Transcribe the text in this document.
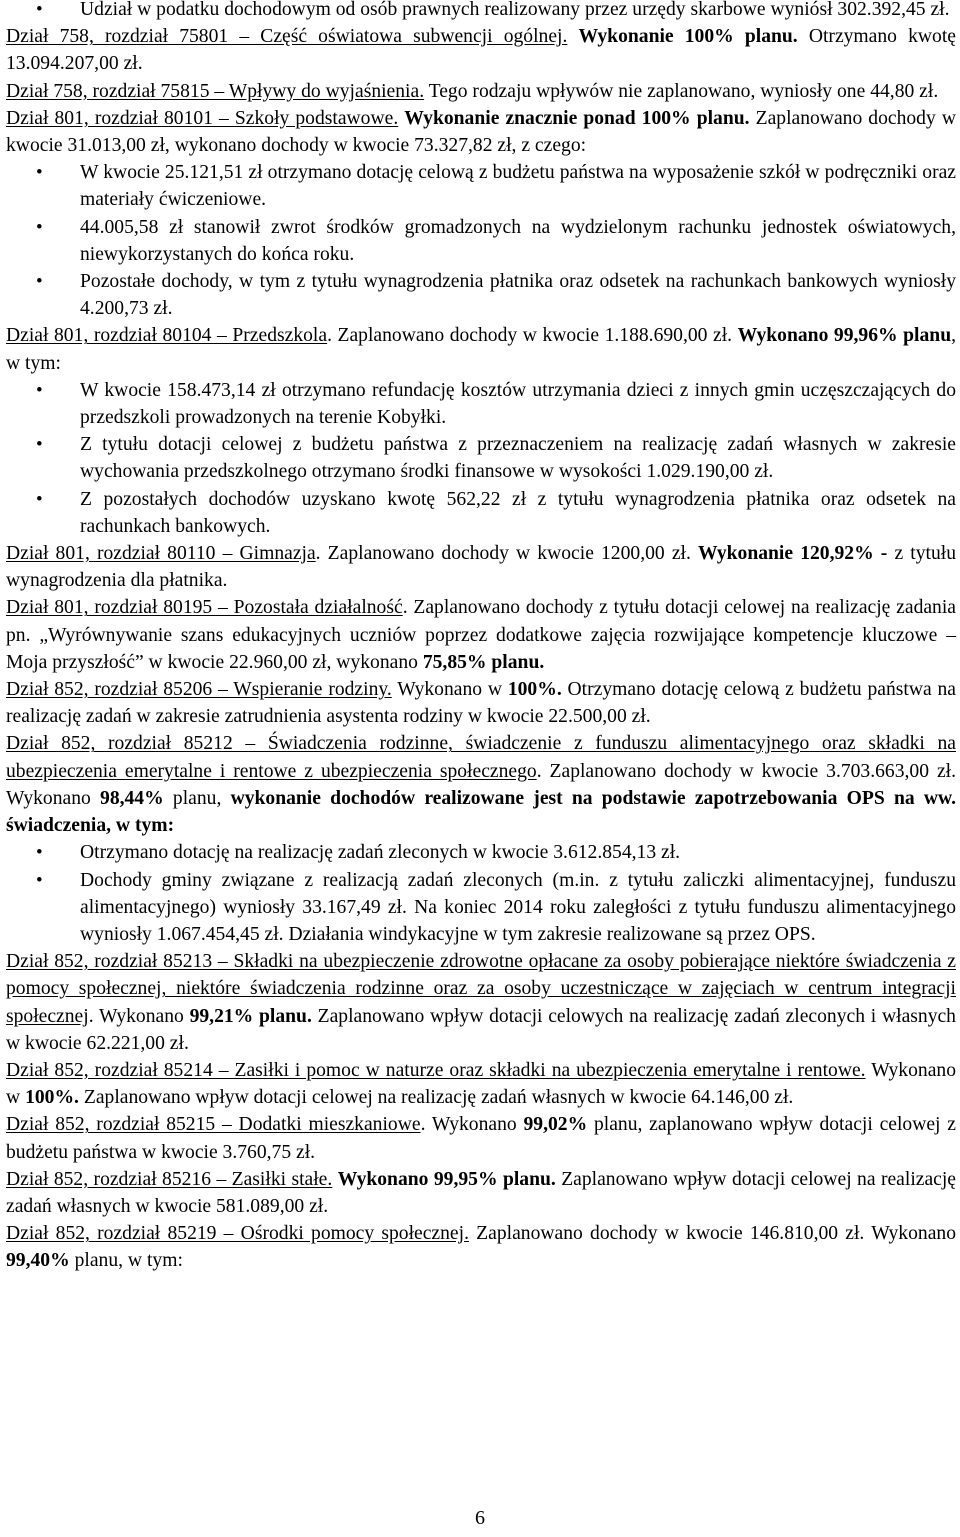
• Udział w podatku dochodowym od osób prawnych realizowany przez urzędy skarbowe wyniósł 302.392,45 zł.

Dział 758, rozdział 75801 – Część oświatowa subwencji ogólnej. Wykonanie 100% planu. Otrzymano kwotę 13.094.207,00 zł.

Dział 758, rozdział 75815 – Wpływy do wyjaśnienia. Tego rodzaju wpływów nie zaplanowano, wyniosły one 44,80 zł.

Dział 801, rozdział 80101 – Szkoły podstawowe. Wykonanie znacznie ponad 100% planu. Zaplanowano dochody w kwocie 31.013,00 zł, wykonano dochody w kwocie 73.327,82 zł, z czego:

• W kwocie 25.121,51 zł otrzymano dotację celową z budżetu państwa na wyposażenie szkół w podręczniki oraz materiały ćwiczeniowe.
• 44.005,58 zł stanowił zwrot środków gromadzonych na wydzielonym rachunku jednostek oświatowych, niewykorzystanych do końca roku.
• Pozostałe dochody, w tym z tytułu wynagrodzenia płatnika oraz odsetek na rachunkach bankowych wyniosły 4.200,73 zł.

Dział 801, rozdział 80104 – Przedszkola. Zaplanowano dochody w kwocie 1.188.690,00 zł. Wykonano 99,96% planu, w tym:

• W kwocie 158.473,14 zł otrzymano refundację kosztów utrzymania dzieci z innych gmin uczęszczających do przedszkoli prowadzonych na terenie Kobyłki.
• Z tytułu dotacji celowej z budżetu państwa z przeznaczeniem na realizację zadań własnych w zakresie wychowania przedszkolnego otrzymano środki finansowe w wysokości 1.029.190,00 zł.
• Z pozostałych dochodów uzyskano kwotę 562,22 zł z tytułu wynagrodzenia płatnika oraz odsetek na rachunkach bankowych.

Dział 801, rozdział 80110 – Gimnazja. Zaplanowano dochody w kwocie 1200,00 zł. Wykonanie 120,92% - z tytułu wynagrodzenia dla płatnika.

Dział 801, rozdział 80195 – Pozostała działalność. Zaplanowano dochody z tytułu dotacji celowej na realizację zadania pn. „Wyrównywanie szans edukacyjnych uczniów poprzez dodatkowe zajęcia rozwijające kompetencje kluczowe – Moja przyszłość” w kwocie 22.960,00 zł, wykonano 75,85% planu.

Dział 852, rozdział 85206 – Wspieranie rodziny. Wykonano w 100%. Otrzymano dotację celową z budżetu państwa na realizację zadań w zakresie zatrudnienia asystenta rodziny w kwocie 22.500,00 zł.

Dział 852, rozdział 85212 – Świadczenia rodzinne, świadczenie z funduszu alimentacyjnego oraz składki na ubezpieczenia emerytalne i rentowe z ubezpieczenia społecznego. Zaplanowano dochody w kwocie 3.703.663,00 zł. Wykonano 98,44% planu, wykonanie dochodów realizowane jest na podstawie zapotrzebowania OPS na ww. świadczenia, w tym:

• Otrzymano dotację na realizację zadań zleconych w kwocie 3.612.854,13 zł.
• Dochody gminy związane z realizacją zadań zleconych (m.in. z tytułu zaliczki alimentacyjnej, funduszu alimentacyjnego) wyniosły 33.167,49 zł. Na koniec 2014 roku zaległości z tytułu funduszu alimentacyjnego wyniosły 1.067.454,45 zł. Działania windykacyjne w tym zakresie realizowane są przez OPS.

Dział 852, rozdział 85213 – Składki na ubezpieczenie zdrowotne opłacane za osoby pobierające niektóre świadczenia z pomocy społecznej, niektóre świadczenia rodzinne oraz za osoby uczestniczące w zajęciach w centrum integracji społecznej. Wykonano 99,21% planu. Zaplanowano wpływ dotacji celowych na realizację zadań zleconych i własnych w kwocie 62.221,00 zł.

Dział 852, rozdział 85214 – Zasiłki i pomoc w naturze oraz składki na ubezpieczenia emerytalne i rentowe. Wykonano w 100%. Zaplanowano wpływ dotacji celowej na realizację zadań własnych w kwocie 64.146,00 zł.

Dział 852, rozdział 85215 – Dodatki mieszkaniowe. Wykonano 99,02% planu, zaplanowano wpływ dotacji celowej z budżetu państwa w kwocie 3.760,75 zł.

Dział 852, rozdział 85216 – Zasiłki stałe. Wykonano 99,95% planu. Zaplanowano wpływ dotacji celowej na realizację zadań własnych w kwocie 581.089,00 zł.

Dział 852, rozdział 85219 – Ośrodki pomocy społecznej. Zaplanowano dochody w kwocie 146.810,00 zł. Wykonano 99,40% planu, w tym:

6
